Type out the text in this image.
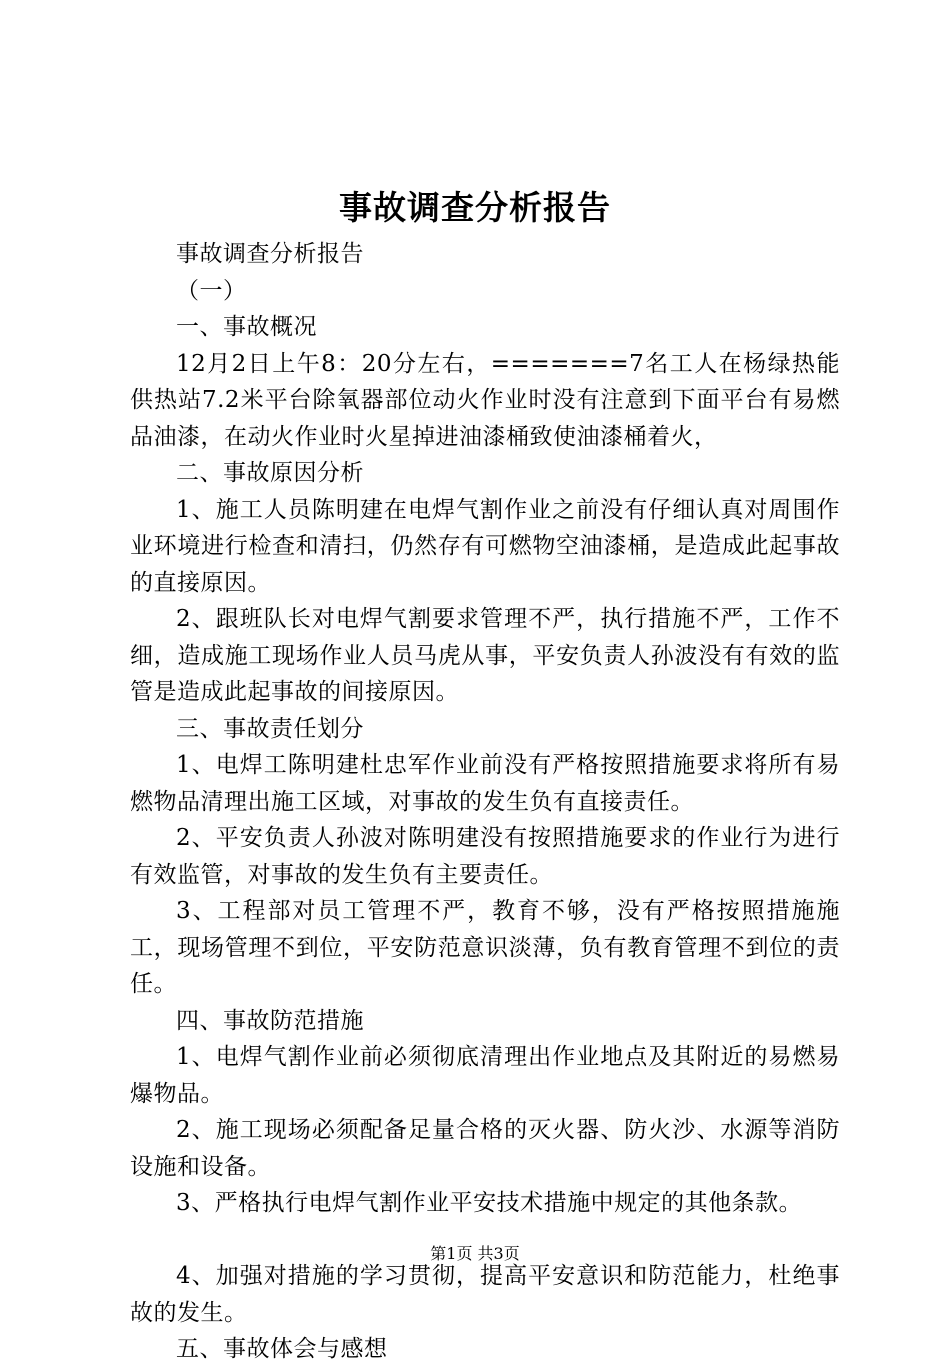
事故调查分析报告

事故调查分析报告

（一）

一、事故概况

12月2日上午8：20分左右，=======7名工人在杨绿热能供热站7.2米平台除氧器部位动火作业时没有注意到下面平台有易燃品油漆，在动火作业时火星掉进油漆桶致使油漆桶着火，

二、事故原因分析

1、施工人员陈明建在电焊气割作业之前没有仔细认真对周围作业环境进行检查和清扫，仍然存有可燃物空油漆桶，是造成此起事故的直接原因。

2、跟班队长对电焊气割要求管理不严，执行措施不严，工作不细，造成施工现场作业人员马虎从事，平安负责人孙波没有有效的监管是造成此起事故的间接原因。

三、事故责任划分

1、电焊工陈明建杜忠军作业前没有严格按照措施要求将所有易燃物品清理出施工区域，对事故的发生负有直接责任。

2、平安负责人孙波对陈明建没有按照措施要求的作业行为进行有效监管，对事故的发生负有主要责任。

3、工程部对员工管理不严，教育不够，没有严格按照措施施工，现场管理不到位，平安防范意识淡薄，负有教育管理不到位的责任。

四、事故防范措施

1、电焊气割作业前必须彻底清理出作业地点及其附近的易燃易爆物品。

2、施工现场必须配备足量合格的灭火器、防火沙、水源等消防设施和设备。

3、严格执行电焊气割作业平安技术措施中规定的其他条款。

4、加强对措施的学习贯彻，提高平安意识和防范能力，杜绝事故的发生。

五、事故体会与感想

第1页 共3页
